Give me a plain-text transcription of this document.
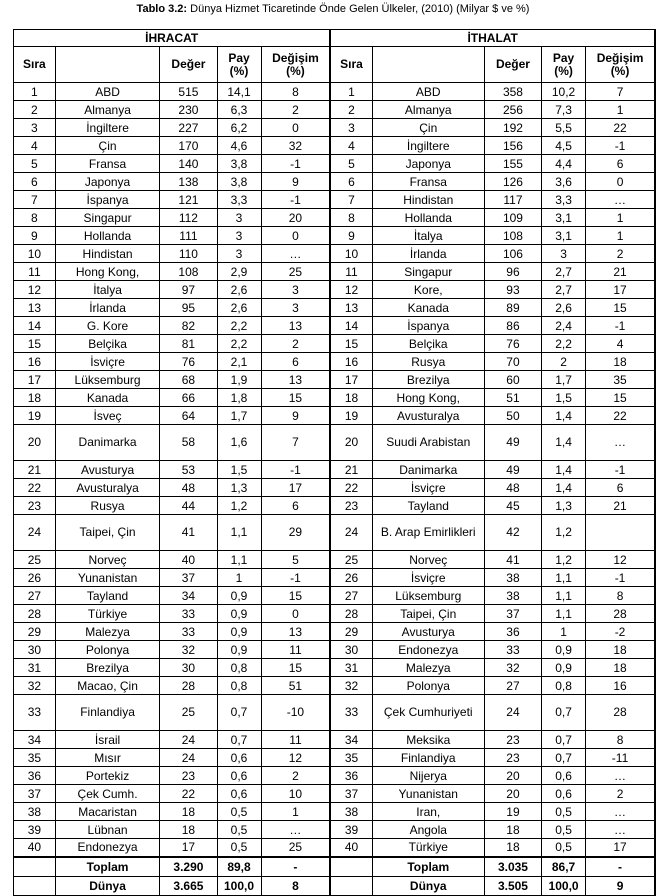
Tablo 3.2: Dünya Hizmet Ticaretinde Önde Gelen Ülkeler, (2010) (Milyar $ ve %)
İHRACAT					İTHALAT				
Sıra		Değer	Pay (%)	Değişim (%)	Sıra		Değer	Pay (%)	Değişim (%)
1	ABD	515	14,1	8	1	ABD	358	10,2	7
2	Almanya	230	6,3	2	2	Almanya	256	7,3	1
3	İngiltere	227	6,2	0	3	Çin	192	5,5	22
4	Çin	170	4,6	32	4	İngiltere	156	4,5	-1
5	Fransa	140	3,8	-1	5	Japonya	155	4,4	6
6	Japonya	138	3,8	9	6	Fransa	126	3,6	0
7	İspanya	121	3,3	-1	7	Hindistan	117	3,3	…
8	Singapur	112	3	20	8	Hollanda	109	3,1	1
9	Hollanda	111	3	0	9	İtalya	108	3,1	1
10	Hindistan	110	3	…	10	İrlanda	106	3	2
11	Hong Kong,	108	2,9	25	11	Singapur	96	2,7	21
12	İtalya	97	2,6	3	12	Kore,	93	2,7	17
13	İrlanda	95	2,6	3	13	Kanada	89	2,6	15
14	G. Kore	82	2,2	13	14	İspanya	86	2,4	-1
15	Belçika	81	2,2	2	15	Belçika	76	2,2	4
16	İsviçre	76	2,1	6	16	Rusya	70	2	18
17	Lüksemburg	68	1,9	13	17	Brezilya	60	1,7	35
18	Kanada	66	1,8	15	18	Hong Kong,	51	1,5	15
19	İsveç	64	1,7	9	19	Avusturalya	50	1,4	22
20	Danimarka	58	1,6	7	20	Suudi Arabistan	49	1,4	…
21	Avusturya	53	1,5	-1	21	Danimarka	49	1,4	-1
22	Avusturalya	48	1,3	17	22	İsviçre	48	1,4	6
23	Rusya	44	1,2	6	23	Tayland	45	1,3	21
24	Taipei, Çin	41	1,1	29	24	B. Arap Emirlikleri	42	1,2	
25	Norveç	40	1,1	5	25	Norveç	41	1,2	12
26	Yunanistan	37	1	-1	26	İsviçre	38	1,1	-1
27	Tayland	34	0,9	15	27	Lüksemburg	38	1,1	8
28	Türkiye	33	0,9	0	28	Taipei, Çin	37	1,1	28
29	Malezya	33	0,9	13	29	Avusturya	36	1	-2
30	Polonya	32	0,9	11	30	Endonezya	33	0,9	18
31	Brezilya	30	0,8	15	31	Malezya	32	0,9	18
32	Macao, Çin	28	0,8	51	32	Polonya	27	0,8	16
33	Finlandiya	25	0,7	-10	33	Çek Cumhuriyeti	24	0,7	28
34	İsrail	24	0,7	11	34	Meksika	23	0,7	8
35	Mısır	24	0,6	12	35	Finlandiya	23	0,7	-11
36	Portekiz	23	0,6	2	36	Nijerya	20	0,6	…
37	Çek Cumh.	22	0,6	10	37	Yunanistan	20	0,6	2
38	Macaristan	18	0,5	1	38	Iran,	19	0,5	…
39	Lübnan	18	0,5	…	39	Angola	18	0,5	…
40	Endonezya	17	0,5	25	40	Türkiye	18	0,5	17
	Toplam	3.290	89,8	-		Toplam	3.035	86,7	-
	Dünya	3.665	100,0	8		Dünya	3.505	100,0	9
